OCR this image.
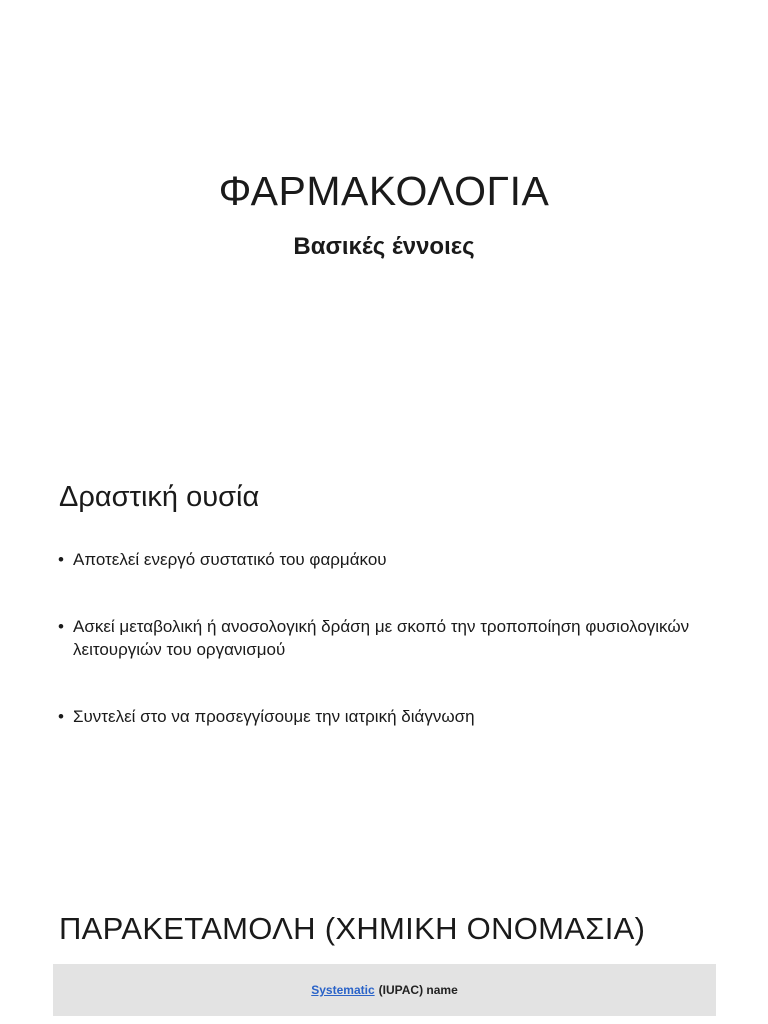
ΦΑΡΜΑΚΟΛΟΓΙΑ
Βασικές έννοιες
Δραστική ουσία
• Αποτελεί ενεργό συστατικό του φαρμάκου
• Ασκεί μεταβολική ή ανοσολογική δράση με σκοπό την τροποποίηση φυσιολογικών λειτουργιών του οργανισμού
• Συντελεί στο να προσεγγίσουμε την ιατρική διάγνωση
ΠΑΡΑΚΕΤΑΜΟΛΗ (ΧΗΜΙΚΗ ΟΝΟΜΑΣΙΑ)
Systematic (IUPAC) name
